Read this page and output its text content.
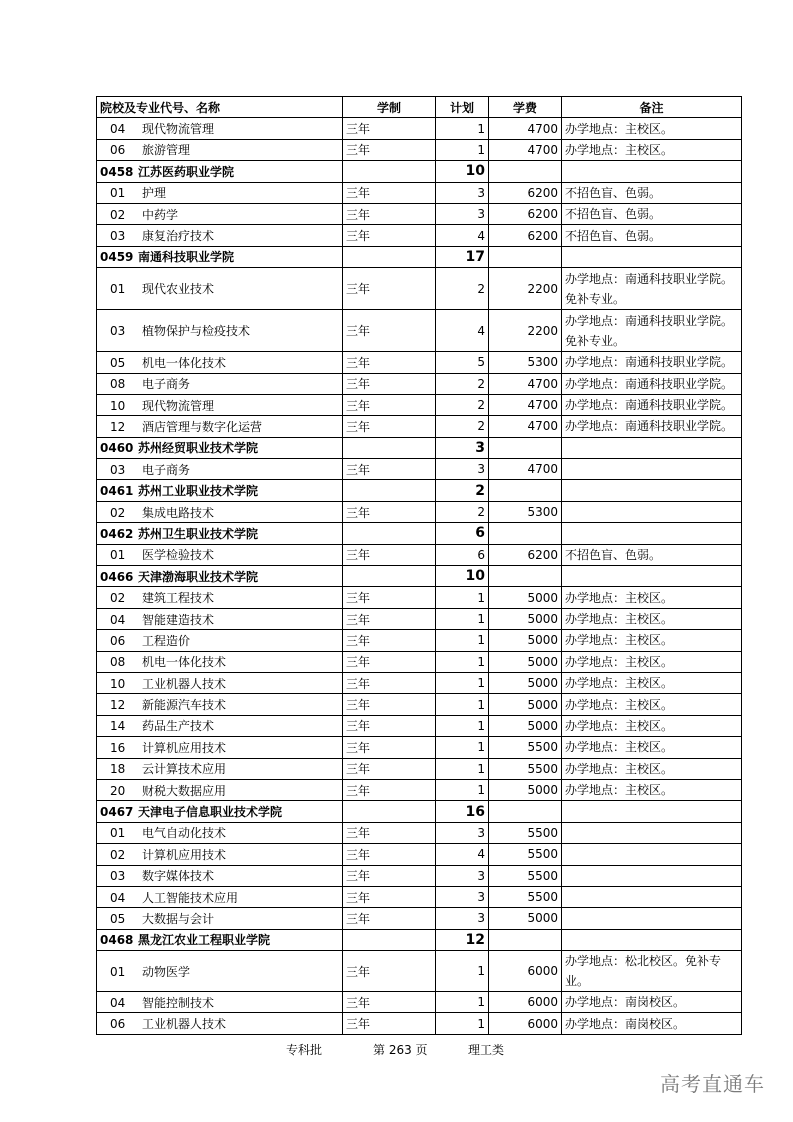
院校及专业代号、名称	学制	计划	学费	备注
04 现代物流管理	三年	1	4700	办学地点：主校区。
06 旅游管理	三年	1	4700	办学地点：主校区。
0458 江苏医药职业学院		10		
01 护理	三年	3	6200	不招色盲、色弱。
02 中药学	三年	3	6200	不招色盲、色弱。
03 康复治疗技术	三年	4	6200	不招色盲、色弱。
0459 南通科技职业学院		17		
01 现代农业技术	三年	2	2200	办学地点：南通科技职业学院。免补专业。
03 植物保护与检疫技术	三年	4	2200	办学地点：南通科技职业学院。免补专业。
05 机电一体化技术	三年	5	5300	办学地点：南通科技职业学院。
08 电子商务	三年	2	4700	办学地点：南通科技职业学院。
10 现代物流管理	三年	2	4700	办学地点：南通科技职业学院。
12 酒店管理与数字化运营	三年	2	4700	办学地点：南通科技职业学院。
0460 苏州经贸职业技术学院		3		
03 电子商务	三年	3	4700	
0461 苏州工业职业技术学院		2		
02 集成电路技术	三年	2	5300	
0462 苏州卫生职业技术学院		6		
01 医学检验技术	三年	6	6200	不招色盲、色弱。
0466 天津渤海职业技术学院		10		
02 建筑工程技术	三年	1	5000	办学地点：主校区。
04 智能建造技术	三年	1	5000	办学地点：主校区。
06 工程造价	三年	1	5000	办学地点：主校区。
08 机电一体化技术	三年	1	5000	办学地点：主校区。
10 工业机器人技术	三年	1	5000	办学地点：主校区。
12 新能源汽车技术	三年	1	5000	办学地点：主校区。
14 药品生产技术	三年	1	5000	办学地点：主校区。
16 计算机应用技术	三年	1	5500	办学地点：主校区。
18 云计算技术应用	三年	1	5500	办学地点：主校区。
20 财税大数据应用	三年	1	5000	办学地点：主校区。
0467 天津电子信息职业技术学院		16		
01 电气自动化技术	三年	3	5500	
02 计算机应用技术	三年	4	5500	
03 数字媒体技术	三年	3	5500	
04 人工智能技术应用	三年	3	5500	
05 大数据与会计	三年	3	5000	
0468 黑龙江农业工程职业学院		12		
01 动物医学	三年	1	6000	办学地点：松北校区。免补专业。
04 智能控制技术	三年	1	6000	办学地点：南岗校区。
06 工业机器人技术	三年	1	6000	办学地点：南岗校区。
专科批	第 263 页	理工类
高考直通车
